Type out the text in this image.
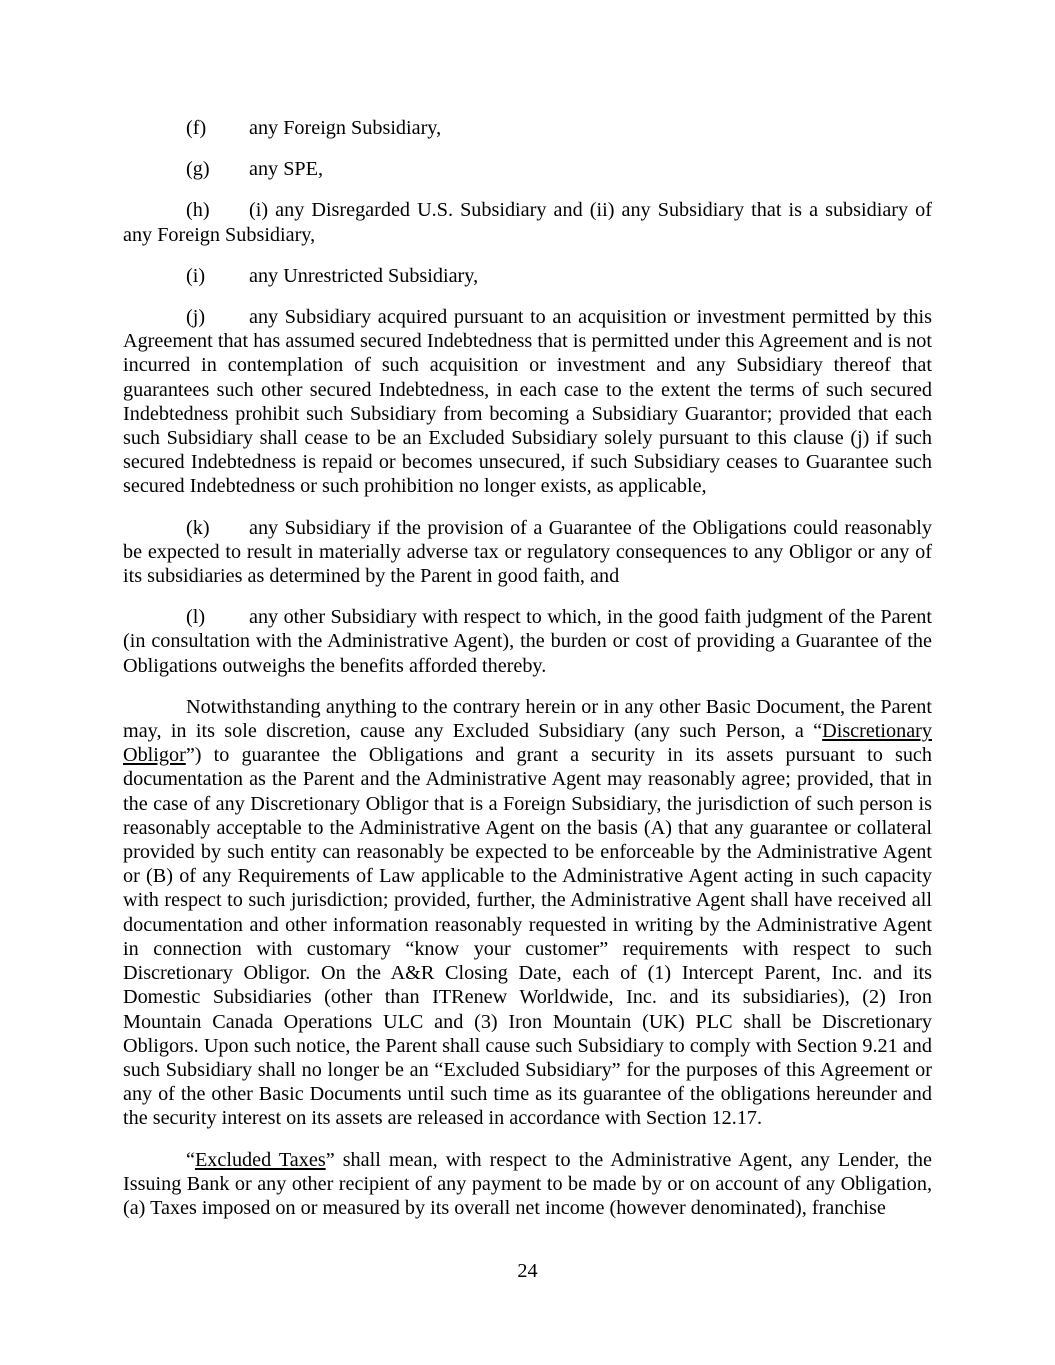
(f) any Foreign Subsidiary,

(g) any SPE,

(h) (i) any Disregarded U.S. Subsidiary and (ii) any Subsidiary that is a subsidiary of any Foreign Subsidiary,

(i) any Unrestricted Subsidiary,

(j) any Subsidiary acquired pursuant to an acquisition or investment permitted by this Agreement that has assumed secured Indebtedness that is permitted under this Agreement and is not incurred in contemplation of such acquisition or investment and any Subsidiary thereof that guarantees such other secured Indebtedness, in each case to the extent the terms of such secured Indebtedness prohibit such Subsidiary from becoming a Subsidiary Guarantor; provided that each such Subsidiary shall cease to be an Excluded Subsidiary solely pursuant to this clause (j) if such secured Indebtedness is repaid or becomes unsecured, if such Subsidiary ceases to Guarantee such secured Indebtedness or such prohibition no longer exists, as applicable,

(k) any Subsidiary if the provision of a Guarantee of the Obligations could reasonably be expected to result in materially adverse tax or regulatory consequences to any Obligor or any of its subsidiaries as determined by the Parent in good faith, and

(l) any other Subsidiary with respect to which, in the good faith judgment of the Parent (in consultation with the Administrative Agent), the burden or cost of providing a Guarantee of the Obligations outweighs the benefits afforded thereby.

Notwithstanding anything to the contrary herein or in any other Basic Document, the Parent may, in its sole discretion, cause any Excluded Subsidiary (any such Person, a “Discretionary Obligor”) to guarantee the Obligations and grant a security in its assets pursuant to such documentation as the Parent and the Administrative Agent may reasonably agree; provided, that in the case of any Discretionary Obligor that is a Foreign Subsidiary, the jurisdiction of such person is reasonably acceptable to the Administrative Agent on the basis (A) that any guarantee or collateral provided by such entity can reasonably be expected to be enforceable by the Administrative Agent or (B) of any Requirements of Law applicable to the Administrative Agent acting in such capacity with respect to such jurisdiction; provided, further, the Administrative Agent shall have received all documentation and other information reasonably requested in writing by the Administrative Agent in connection with customary “know your customer” requirements with respect to such Discretionary Obligor. On the A&R Closing Date, each of (1) Intercept Parent, Inc. and its Domestic Subsidiaries (other than ITRenew Worldwide, Inc. and its subsidiaries), (2) Iron Mountain Canada Operations ULC and (3) Iron Mountain (UK) PLC shall be Discretionary Obligors. Upon such notice, the Parent shall cause such Subsidiary to comply with Section 9.21 and such Subsidiary shall no longer be an “Excluded Subsidiary” for the purposes of this Agreement or any of the other Basic Documents until such time as its guarantee of the obligations hereunder and the security interest on its assets are released in accordance with Section 12.17.

“Excluded Taxes” shall mean, with respect to the Administrative Agent, any Lender, the Issuing Bank or any other recipient of any payment to be made by or on account of any Obligation, (a) Taxes imposed on or measured by its overall net income (however denominated), franchise

24
